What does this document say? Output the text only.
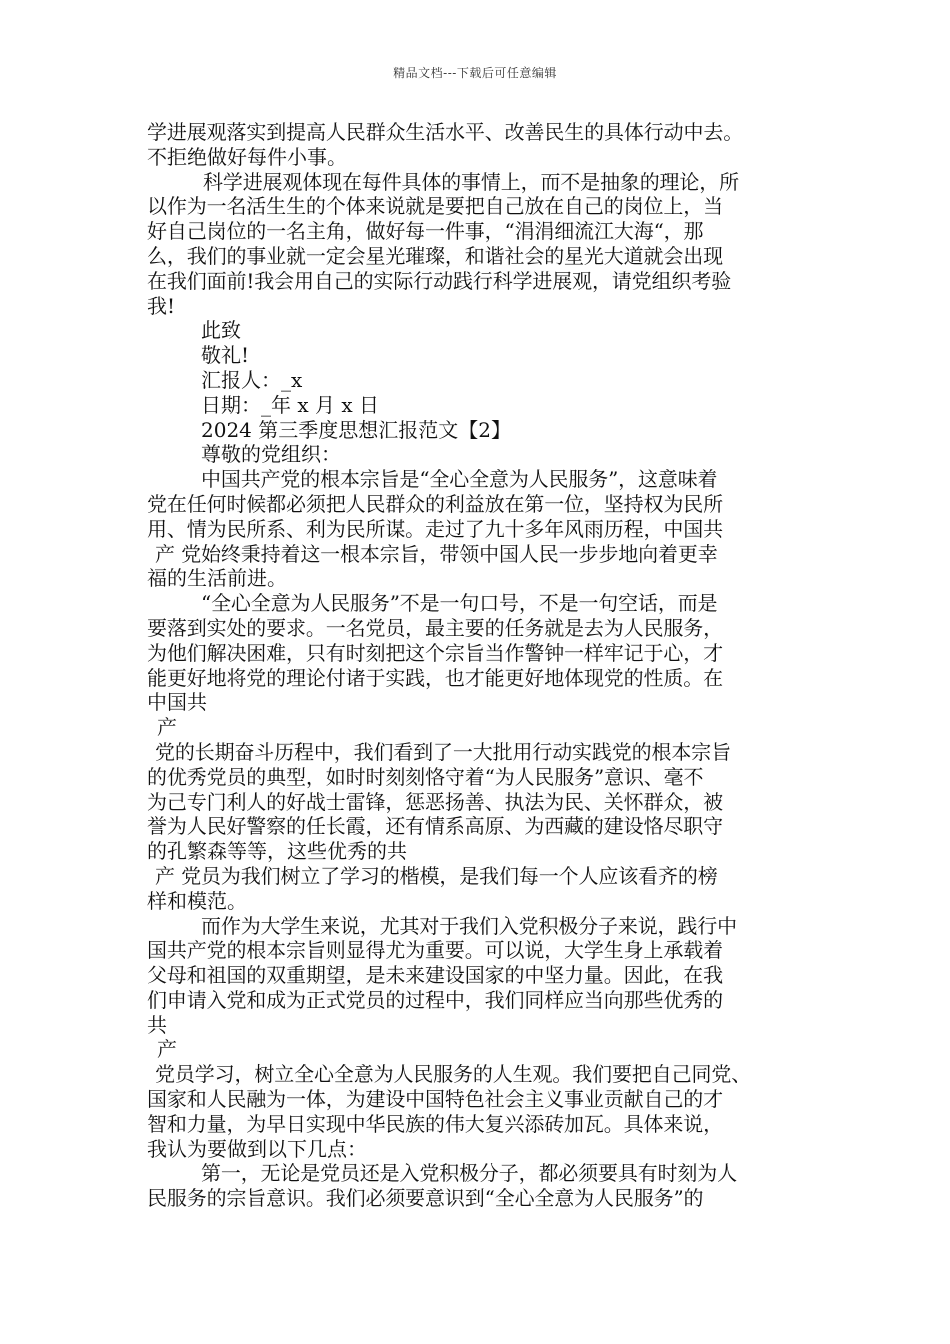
精品文档---下载后可任意编辑
学进展观落实到提高人民群众生活水平、改善民生的具体行动中去。
不拒绝做好每件小事。
科学进展观体现在每件具体的事情上，而不是抽象的理论，所
以作为一名活生生的个体来说就是要把自己放在自己的岗位上，当
好自己岗位的一名主角，做好每一件事，“涓涓细流江大海“，那
么，我们的事业就一定会星光璀璨，和谐社会的星光大道就会出现
在我们面前!我会用自己的实际行动践行科学进展观，请党组织考验
我!
此致
敬礼!
汇报人：_x
日期：_年 x 月 x 日
2024 第三季度思想汇报范文【2】
尊敬的党组织：
中国共产党的根本宗旨是“全心全意为人民服务”，这意味着
党在任何时候都必须把人民群众的利益放在第一位，坚持权为民所
用、情为民所系、利为民所谋。走过了九十多年风雨历程，中国共
产 党始终秉持着这一根本宗旨，带领中国人民一步步地向着更幸
福的生活前进。
“全心全意为人民服务”不是一句口号，不是一句空话，而是
要落到实处的要求。一名党员，最主要的任务就是去为人民服务，
为他们解决困难，只有时刻把这个宗旨当作警钟一样牢记于心，才
能更好地将党的理论付诸于实践，也才能更好地体现党的性质。在
中国共
产
党的长期奋斗历程中，我们看到了一大批用行动实践党的根本宗旨
的优秀党员的典型，如时时刻刻恪守着“为人民服务”意识、毫不
为己专门利人的好战士雷锋，惩恶扬善、执法为民、关怀群众，被
誉为人民好警察的任长霞，还有情系高原、为西藏的建设恪尽职守
的孔繁森等等，这些优秀的共
产 党员为我们树立了学习的楷模，是我们每一个人应该看齐的榜
样和模范。
而作为大学生来说，尤其对于我们入党积极分子来说，践行中
国共产党的根本宗旨则显得尤为重要。可以说，大学生身上承载着
父母和祖国的双重期望，是未来建设国家的中坚力量。因此，在我
们申请入党和成为正式党员的过程中，我们同样应当向那些优秀的
共
产
党员学习，树立全心全意为人民服务的人生观。我们要把自己同党、
国家和人民融为一体，为建设中国特色社会主义事业贡献自己的才
智和力量，为早日实现中华民族的伟大复兴添砖加瓦。具体来说，
我认为要做到以下几点：
第一，无论是党员还是入党积极分子，都必须要具有时刻为人
民服务的宗旨意识。我们必须要意识到“全心全意为人民服务”的
